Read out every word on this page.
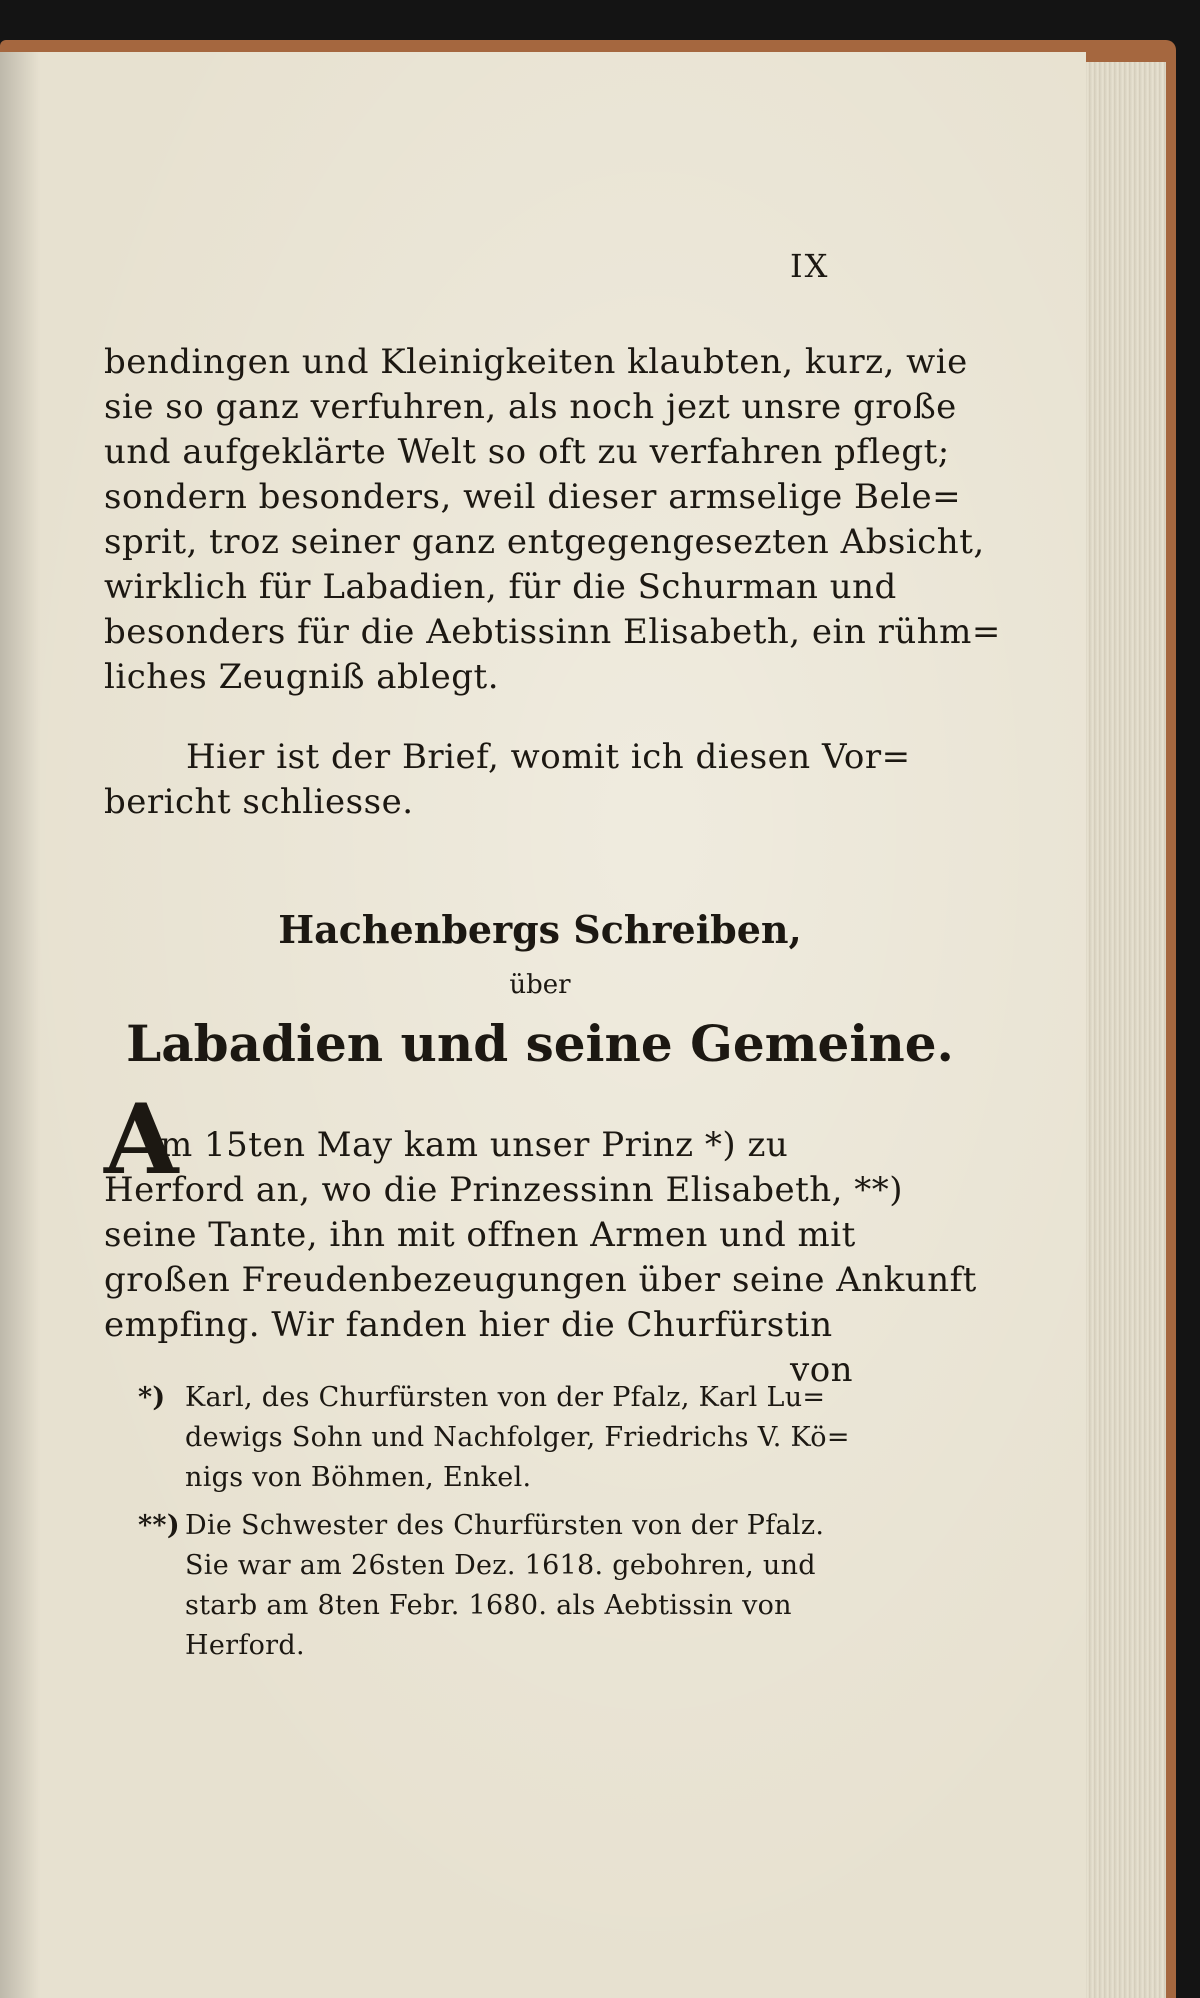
IX
bendingen und Kleinigkeiten klaubten, kurz, wie
sie so ganz verfuhren, als noch jezt unsre große
und aufgeklärte Welt so oft zu verfahren pflegt;
sondern besonders, weil dieser armselige Bele=
sprit, troz seiner ganz entgegengesezten Absicht,
wirklich für Labadien, für die Schurman und
besonders für die Aebtissinn Elisabeth, ein rühm=
liches Zeugniß ablegt.
Hier ist der Brief, womit ich diesen Vor=
bericht schliesse.
Hachenbergs Schreiben,
über
Labadien und seine Gemeine.
A
m 15ten May kam unser Prinz *) zu
Herford an, wo die Prinzessinn Elisabeth, **)
seine Tante, ihn mit offnen Armen und mit
großen Freudenbezeugungen über seine Ankunft
empfing. Wir fanden hier die Churfürstin
von
*) Karl, des Churfürsten von der Pfalz, Karl Lu=
dewigs Sohn und Nachfolger, Friedrichs V. Kö=
nigs von Böhmen, Enkel.
**) Die Schwester des Churfürsten von der Pfalz.
Sie war am 26sten Dez. 1618. gebohren, und
starb am 8ten Febr. 1680. als Aebtissin von
Herford.
